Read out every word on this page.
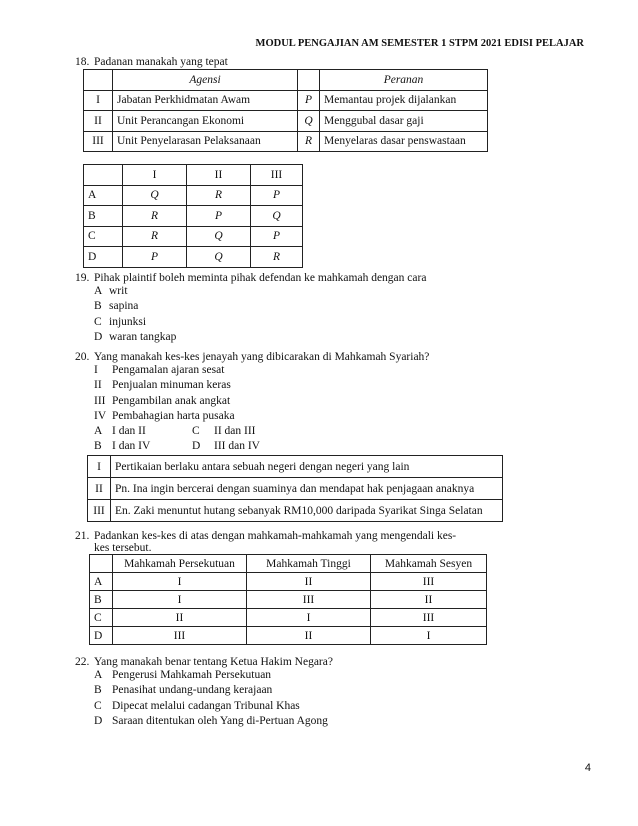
MODUL PENGAJIAN AM SEMESTER 1 STPM 2021 EDISI PELAJAR
18. Padanan manakah yang tepat
	Agensi		Peranan
I	Jabatan Perkhidmatan Awam	P	Memantau projek dijalankan
II	Unit Perancangan Ekonomi	Q	Menggubal dasar gaji
III	Unit Penyelarasan Pelaksanaan	R	Menyelaras dasar penswastaan
	I	II	III
A	Q	R	P
B	R	P	Q
C	R	Q	P
D	P	Q	R
19. Pihak plaintif boleh meminta pihak defendan ke mahkamah dengan cara
A writ
B sapina
C injunksi
D waran tangkap
20. Yang manakah kes-kes jenayah yang dibicarakan di Mahkamah Syariah?
I	Pengamalan ajaran sesat
II Penjualan minuman keras
III Pengambilan anak angkat
IV Pembahagian harta pusaka
A I dan II	C	II dan III
B I dan IV	D	III dan IV
I	Pertikaian berlaku antara sebuah negeri dengan negeri yang lain
II	Pn. Ina ingin bercerai dengan suaminya dan mendapat hak penjagaan anaknya
III	En. Zaki menuntut hutang sebanyak RM10,000 daripada Syarikat Singa Selatan
21. Padankan kes-kes di atas dengan mahkamah-mahkamah yang mengendali kes-
kes tersebut.
	Mahkamah Persekutuan	Mahkamah Tinggi	Mahkamah Sesyen
A	I	II	III
B	I	III	II
C	II	I	III
D	III	II	I
22. Yang manakah benar tentang Ketua Hakim Negara?
A Pengerusi Mahkamah Persekutuan
B Penasihat undang-undang kerajaan
C Dipecat melalui cadangan Tribunal Khas
D Saraan ditentukan oleh Yang di-Pertuan Agong
4
